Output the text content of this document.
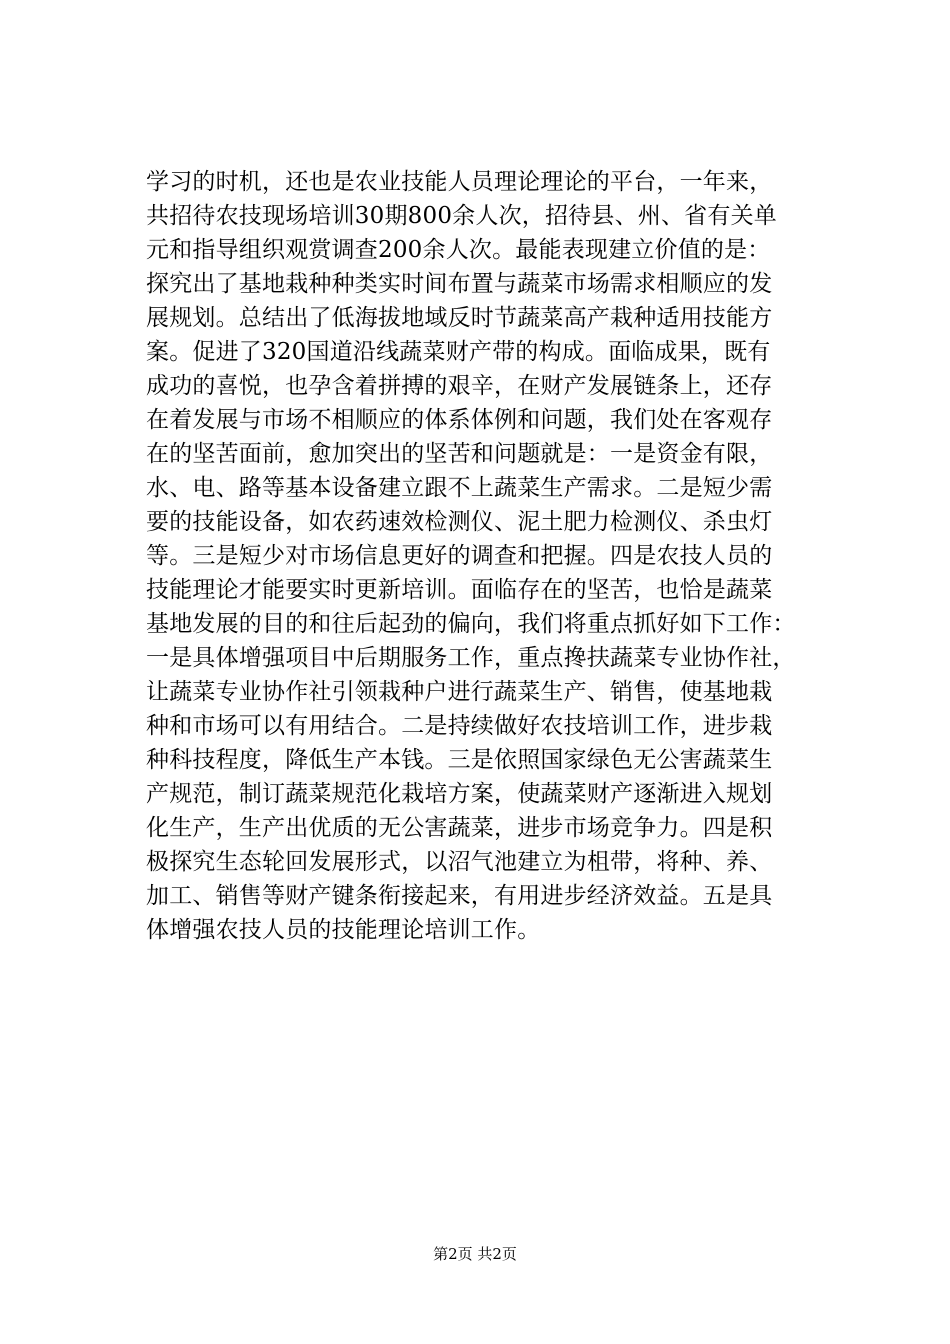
学习的时机，还也是农业技能人员理论理论的平台，一年来，
共招待农技现场培训30期800余人次，招待县、州、省有关单
元和指导组织观赏调查200余人次。最能表现建立价值的是：
探究出了基地栽种种类实时间布置与蔬菜市场需求相顺应的发
展规划。总结出了低海拔地域反时节蔬菜高产栽种适用技能方
案。促进了320国道沿线蔬菜财产带的构成。面临成果，既有
成功的喜悦，也孕含着拼搏的艰辛，在财产发展链条上，还存
在着发展与市场不相顺应的体系体例和问题，我们处在客观存
在的坚苦面前，愈加突出的坚苦和问题就是：一是资金有限，
水、电、路等基本设备建立跟不上蔬菜生产需求。二是短少需
要的技能设备，如农药速效检测仪、泥土肥力检测仪、杀虫灯
等。三是短少对市场信息更好的调查和把握。四是农技人员的
技能理论才能要实时更新培训。面临存在的坚苦，也恰是蔬菜
基地发展的目的和往后起劲的偏向，我们将重点抓好如下工作：
一是具体增强项目中后期服务工作，重点搀扶蔬菜专业协作社，
让蔬菜专业协作社引领栽种户进行蔬菜生产、销售，使基地栽
种和市场可以有用结合。二是持续做好农技培训工作，进步栽
种科技程度，降低生产本钱。三是依照国家绿色无公害蔬菜生
产规范，制订蔬菜规范化栽培方案，使蔬菜财产逐渐进入规划
化生产，生产出优质的无公害蔬菜，进步市场竞争力。四是积
极探究生态轮回发展形式，以沼气池建立为柤带，将种、养、
加工、销售等财产键条衔接起来，有用进步经济效益。五是具
体增强农技人员的技能理论培训工作。
第2页 共2页
